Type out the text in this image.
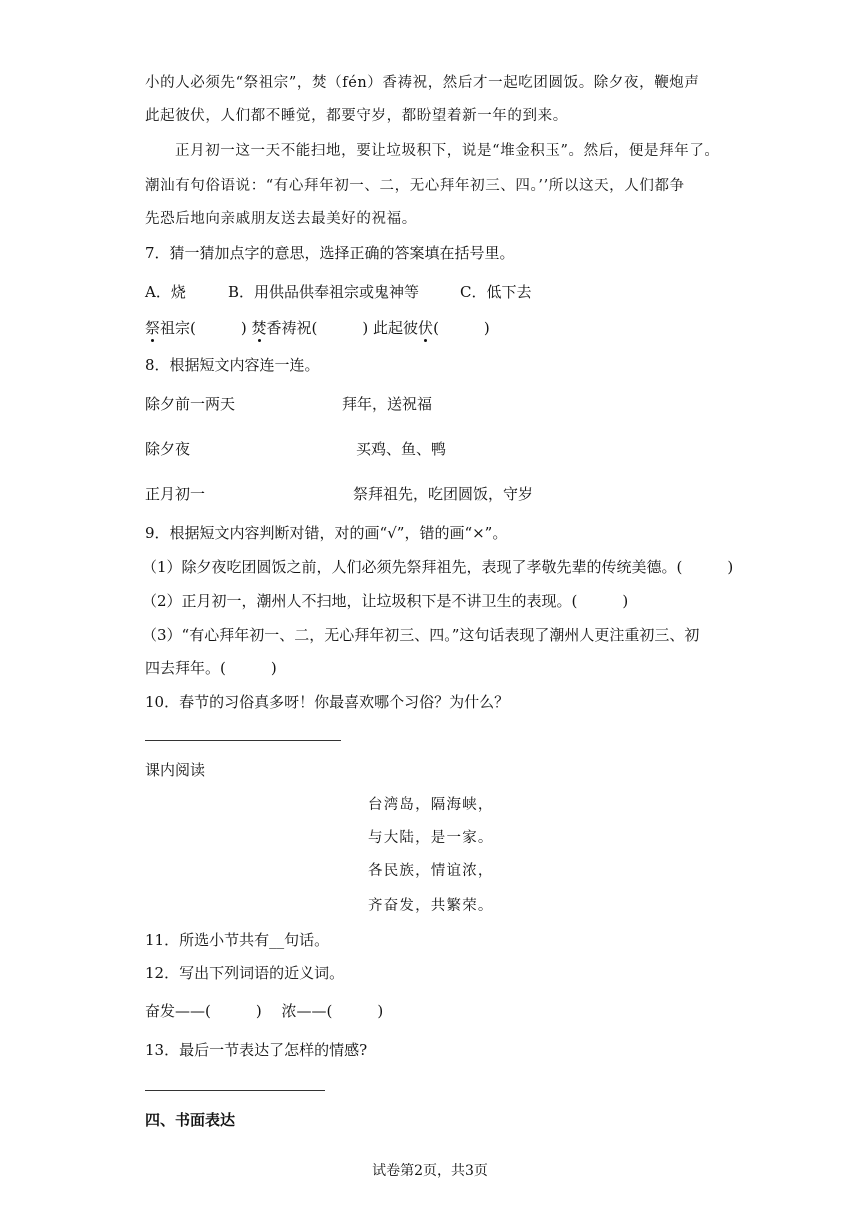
小的人必须先“祭祖宗”，焚（fén）香祷祝，然后才一起吃团圆饭。除夕夜，鞭炮声
此起彼伏，人们都不睡觉，都要守岁，都盼望着新一年的到来。
正月初一这一天不能扫地，要让垃圾积下，说是“堆金积玉”。然后，便是拜年了。
潮汕有句俗语说：“有心拜年初一、二，无心拜年初三、四。’’所以这天，人们都争
先恐后地向亲戚朋友送去最美好的祝福。
7．猜一猜加点字的意思，选择正确的答案填在括号里。
A．烧	B．用供品供奉祖宗或鬼神等	C．低下去
祭祖宗(　　　) 焚香祷祝(　　　) 此起彼伏(　　　)
8．根据短文内容连一连。
除夕前一两天	拜年，送祝福
除夕夜	买鸡、鱼、鸭
正月初一	祭拜祖先，吃团圆饭，守岁
9．根据短文内容判断对错，对的画“√”，错的画“×”。
（1）除夕夜吃团圆饭之前，人们必须先祭拜祖先，表现了孝敬先辈的传统美德。(　　　)
（2）正月初一，潮州人不扫地，让垃圾积下是不讲卫生的表现。(　　　)
（3）“有心拜年初一、二，无心拜年初三、四。”这句话表现了潮州人更注重初三、初
四去拜年。(　　　)
10．春节的习俗真多呀！你最喜欢哪个习俗？为什么？
课内阅读
台湾岛，隔海峡，
与大陆，是一家。
各民族，情谊浓，
齐奋发，共繁荣。
11．所选小节共有__句话。
12．写出下列词语的近义词。
奋发——(　　　)　 浓——(　　　)
13．最后一节表达了怎样的情感?
四、书面表达
试卷第2页，共3页
